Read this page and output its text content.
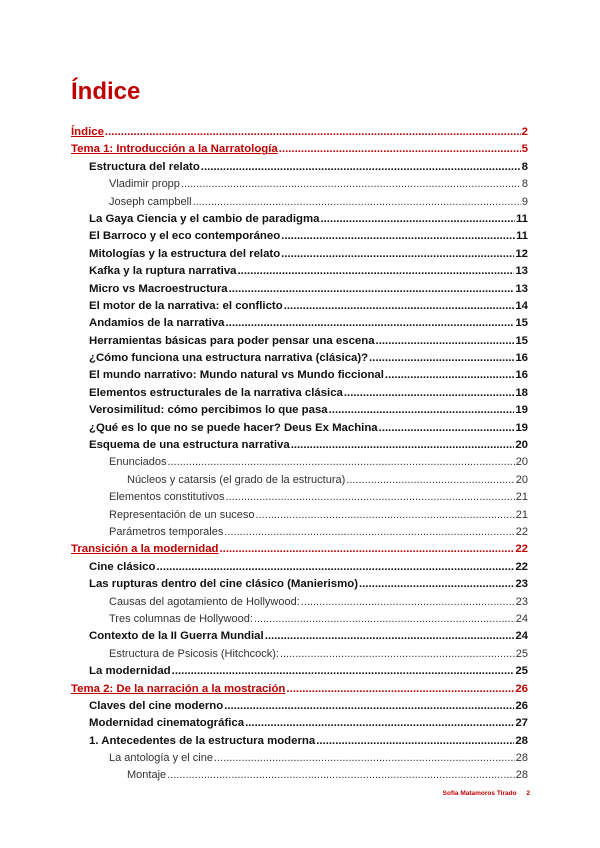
Índice
Índice .....	2
Tema 1: Introducción a la Narratología .....	5
Estructura del relato .....	8
Vladimir propp .....	8
Joseph campbell .....	9
La Gaya Ciencia y el cambio de paradigma .....	11
El Barroco y el eco contemporáneo .....	11
Mitologías y la estructura del relato .....	12
Kafka y la ruptura narrativa .....	13
Micro vs Macroestructura .....	13
El motor de la narrativa: el conflicto .....	14
Andamios de la narrativa .....	15
Herramientas básicas para poder pensar una escena .....	15
¿Cómo funciona una estructura narrativa (clásica)? .....	16
El mundo narrativo: Mundo natural vs Mundo ficcional .....	16
Elementos estructurales de la narrativa clásica .....	18
Verosimilitud: cómo percibimos lo que pasa .....	19
¿Qué es lo que no se puede hacer? Deus Ex Machina .....	19
Esquema de una estructura narrativa .....	20
Enunciados .....	20
Núcleos y catarsis (el grado de la estructura) .....	20
Elementos constitutivos .....	21
Representación de un suceso .....	21
Parámetros temporales .....	22
Transición a la modernidad .....	22
Cine clásico .....	22
Las rupturas dentro del cine clásico (Manierismo) .....	23
Causas del agotamiento de Hollywood: .....	23
Tres columnas de Hollywood: .....	24
Contexto de la II Guerra Mundial .....	24
Estructura de Psicosis (Hitchcock): .....	25
La modernidad .....	25
Tema 2: De la narración a la mostración .....	26
Claves del cine moderno .....	26
Modernidad cinematográfica .....	27
1. Antecedentes de la estructura moderna .....	28
La antología y el cine .....	28
Montaje .....	28
Sofía Matamoros Tirado 2
